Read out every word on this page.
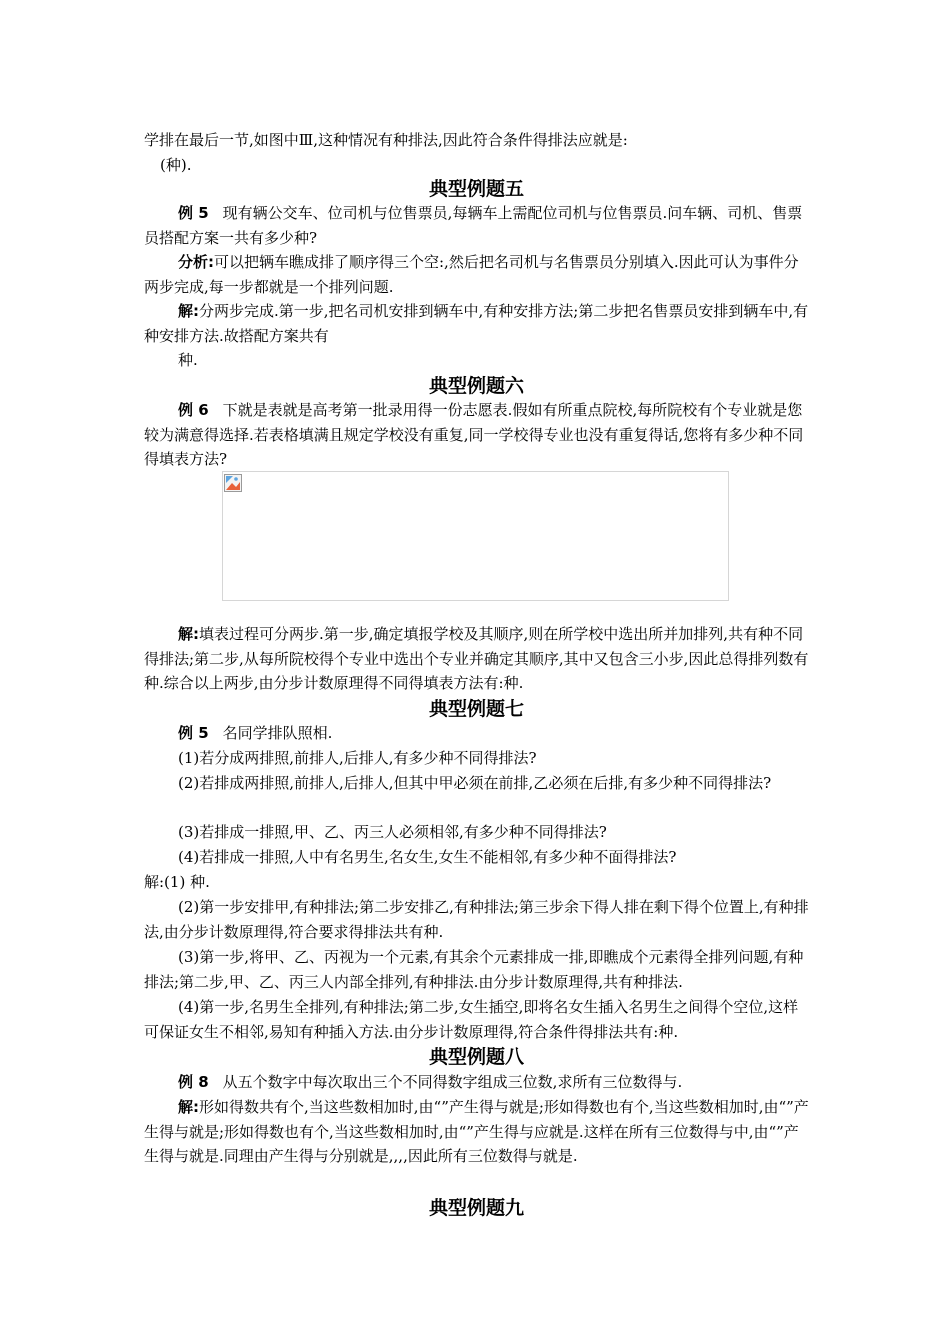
学排在最后一节,如图中Ⅲ,这种情况有种排法,因此符合条件得排法应就是:

(种).

典型例题五

例 5 现有辆公交车、位司机与位售票员,每辆车上需配位司机与位售票员.问车辆、司机、售票员搭配方案一共有多少种?

分析:可以把辆车瞧成排了顺序得三个空:,然后把名司机与名售票员分别填入.因此可认为事件分两步完成,每一步都就是一个排列问题.

解:分两步完成.第一步,把名司机安排到辆车中,有种安排方法;第二步把名售票员安排到辆车中,有种安排方法.故搭配方案共有

种.

典型例题六

例 6 下就是表就是高考第一批录用得一份志愿表.假如有所重点院校,每所院校有个专业就是您较为满意得选择.若表格填满且规定学校没有重复,同一学校得专业也没有重复得话,您将有多少种不同得填表方法?

解:填表过程可分两步.第一步,确定填报学校及其顺序,则在所学校中选出所并加排列,共有种不同得排法;第二步,从每所院校得个专业中选出个专业并确定其顺序,其中又包含三小步,因此总得排列数有种.综合以上两步,由分步计数原理得不同得填表方法有:种.

典型例题七

例 5 名同学排队照相.

(1)若分成两排照,前排人,后排人,有多少种不同得排法?

(2)若排成两排照,前排人,后排人,但其中甲必须在前排,乙必须在后排,有多少种不同得排法?

(3)若排成一排照,甲、乙、丙三人必须相邻,有多少种不同得排法?

(4)若排成一排照,人中有名男生,名女生,女生不能相邻,有多少种不面得排法?

解:(1) 种.

(2)第一步安排甲,有种排法;第二步安排乙,有种排法;第三步余下得人排在剩下得个位置上,有种排法,由分步计数原理得,符合要求得排法共有种.

(3)第一步,将甲、乙、丙视为一个元素,有其余个元素排成一排,即瞧成个元素得全排列问题,有种排法;第二步,甲、乙、丙三人内部全排列,有种排法.由分步计数原理得,共有种排法.

(4)第一步,名男生全排列,有种排法;第二步,女生插空,即将名女生插入名男生之间得个空位,这样可保证女生不相邻,易知有种插入方法.由分步计数原理得,符合条件得排法共有:种.

典型例题八

例 8 从五个数字中每次取出三个不同得数字组成三位数,求所有三位数得与.

解:形如得数共有个,当这些数相加时,由“”产生得与就是;形如得数也有个,当这些数相加时,由“”产生得与就是;形如得数也有个,当这些数相加时,由“”产生得与应就是.这样在所有三位数得与中,由“”产生得与就是.同理由产生得与分别就是,,,,因此所有三位数得与就是.

典型例题九
